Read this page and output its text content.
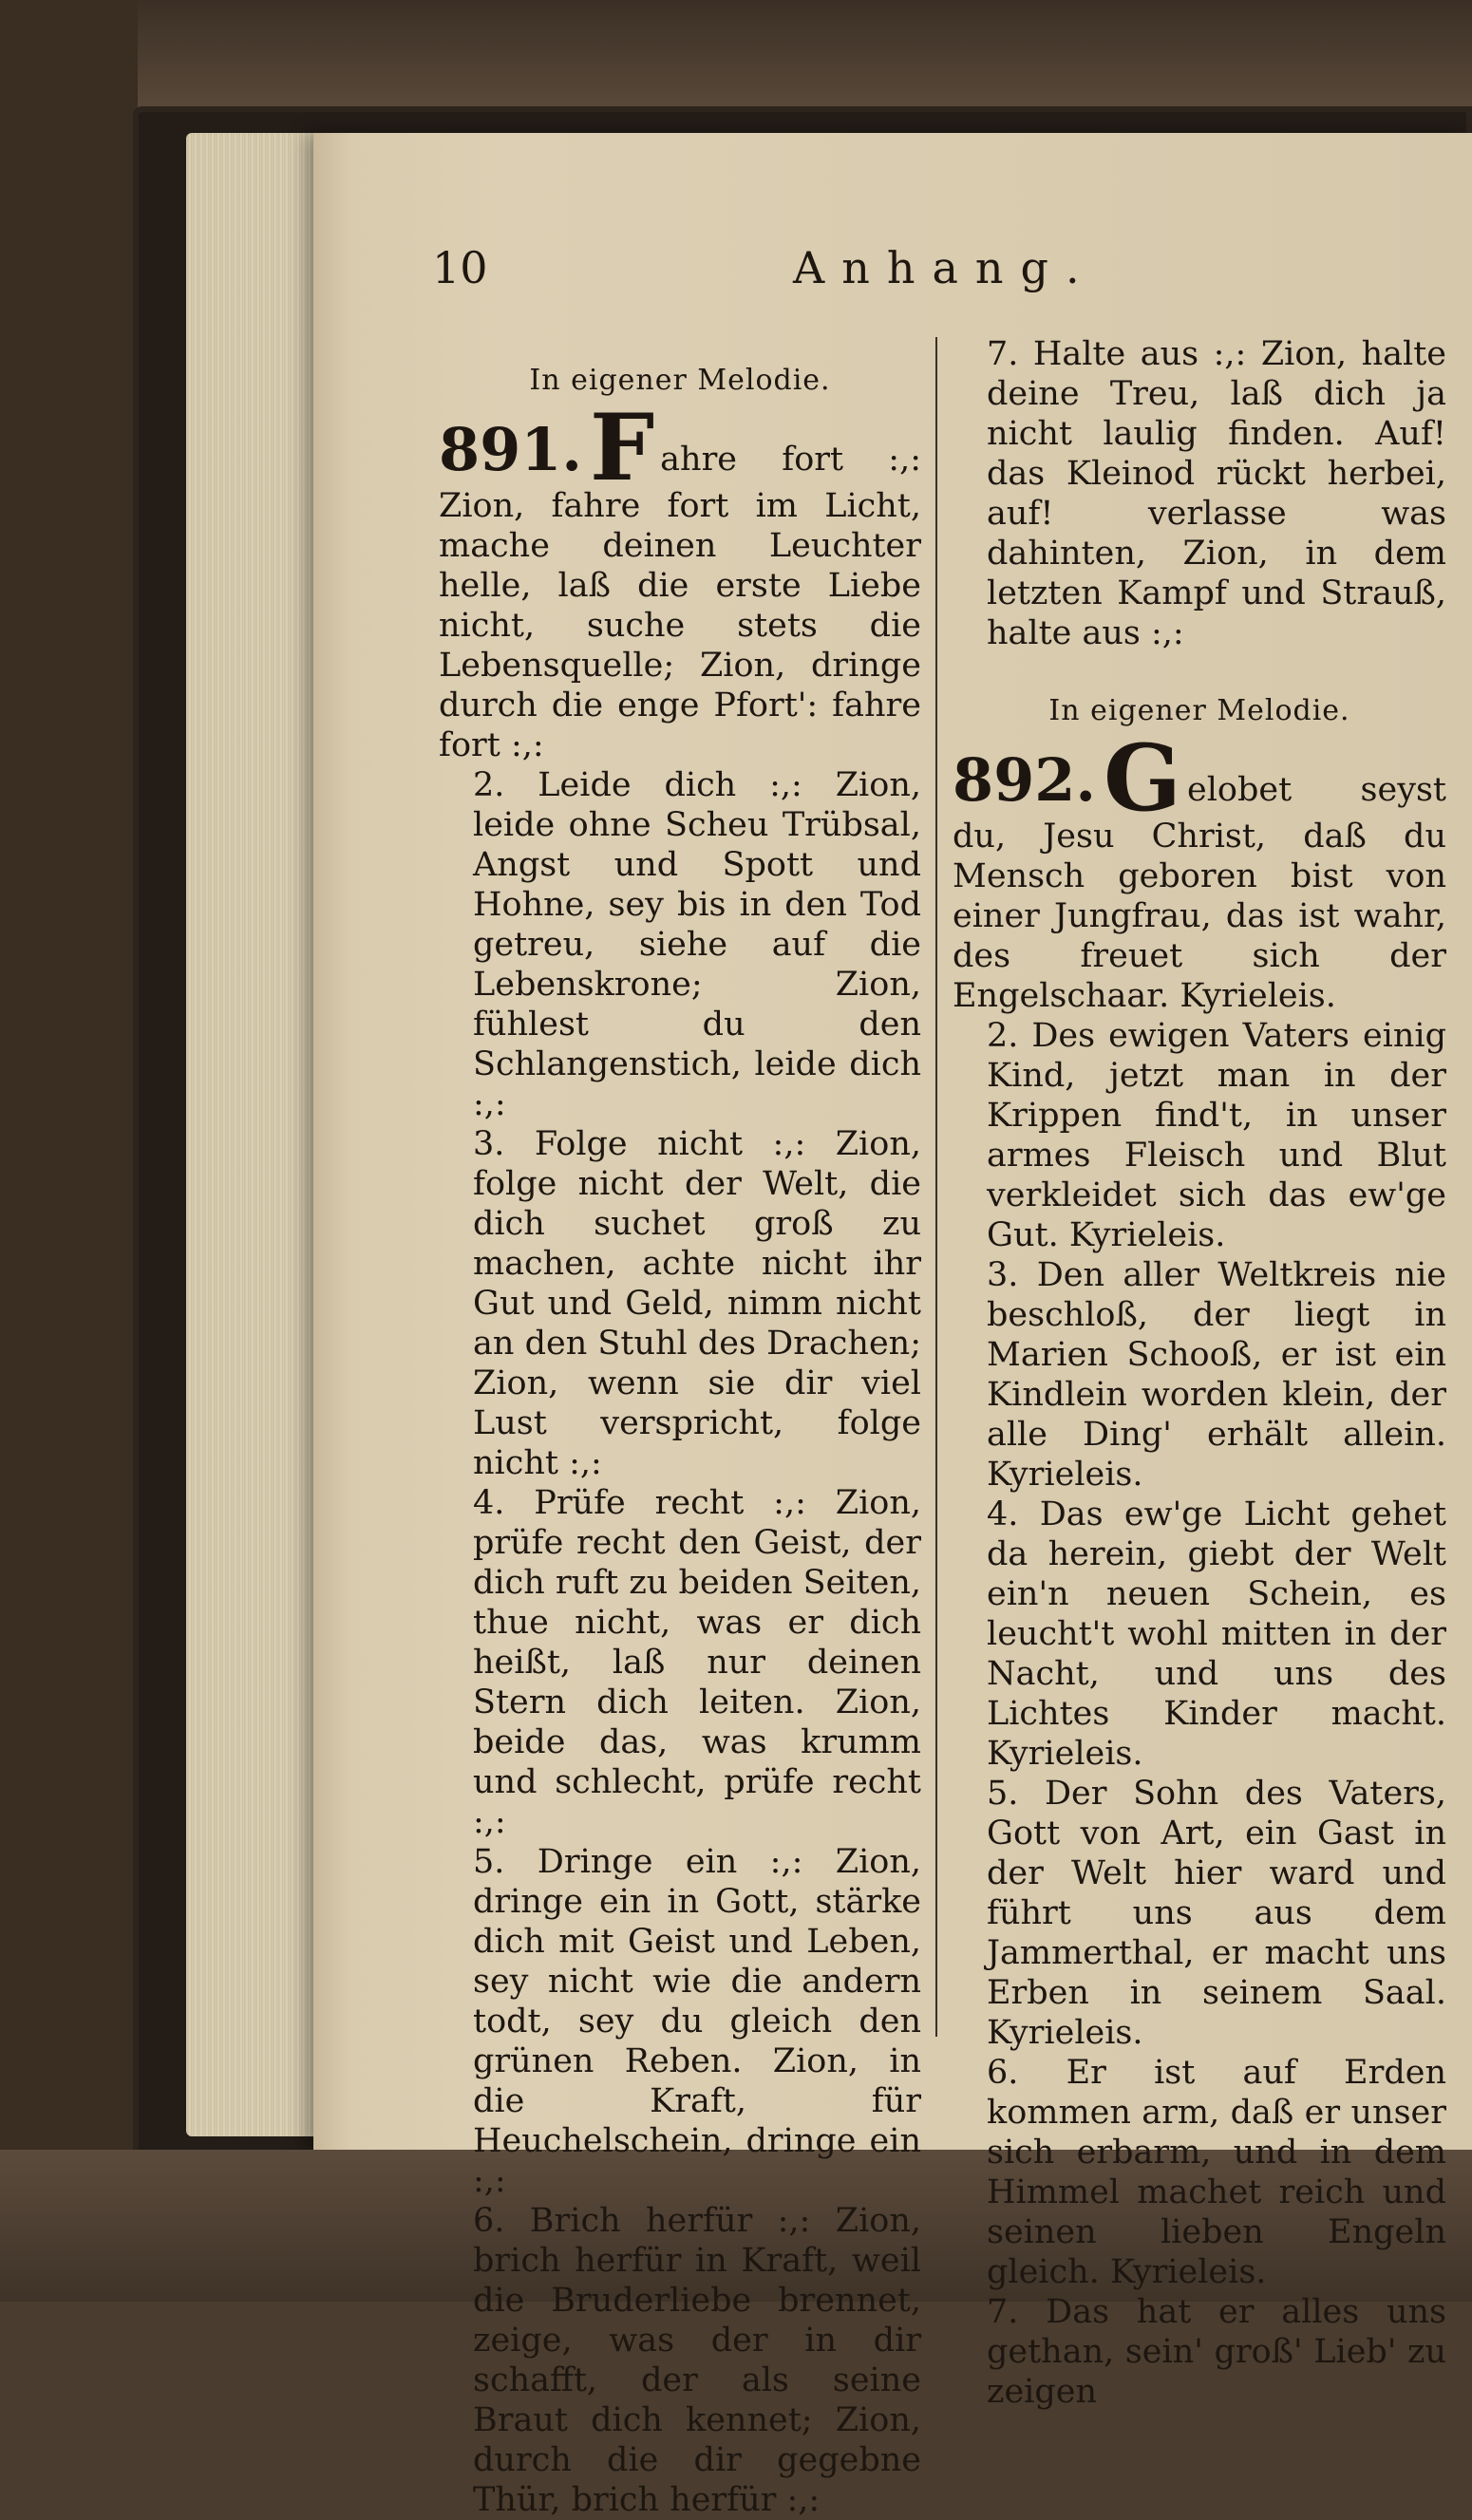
10	Anhang.

In eigener Melodie.

891.F ahre fort :,: Zion, fahre fort im Licht, mache deinen Leuchter helle, laß die erste Liebe nicht, suche stets die Lebensquelle; Zion, dringe durch die enge Pfort': fahre fort :,:

2. Leide dich :,: Zion, leide ohne Scheu Trübsal, Angst und Spott und Hohne, sey bis in den Tod getreu, siehe auf die Lebenskrone; Zion, fühlest du den Schlangenstich, leide dich :,:

3. Folge nicht :,: Zion, folge nicht der Welt, die dich suchet groß zu machen, achte nicht ihr Gut und Geld, nimm nicht an den Stuhl des Drachen; Zion, wenn sie dir viel Lust verspricht, folge nicht :,:

4. Prüfe recht :,: Zion, prüfe recht den Geist, der dich ruft zu beiden Seiten, thue nicht, was er dich heißt, laß nur deinen Stern dich leiten. Zion, beide das, was krumm und schlecht, prüfe recht :,:

5. Dringe ein :,: Zion, dringe ein in Gott, stärke dich mit Geist und Leben, sey nicht wie die andern todt, sey du gleich den grünen Reben. Zion, in die Kraft, für Heuchelschein, dringe ein :,:

6. Brich herfür :,: Zion, brich herfür in Kraft, weil die Bruderliebe brennet, zeige, was der in dir schafft, der als seine Braut dich kennet; Zion, durch die dir gegebne Thür, brich herfür :,:

7. Halte aus :,: Zion, halte deine Treu, laß dich ja nicht laulig finden. Auf! das Kleinod rückt herbei, auf! verlasse was dahinten, Zion, in dem letzten Kampf und Strauß, halte aus :,:

In eigener Melodie.

892.G elobet seyst du, Jesu Christ, daß du Mensch geboren bist von einer Jungfrau, das ist wahr, des freuet sich der Engelschaar. Kyrieleis.

2. Des ewigen Vaters einig Kind, jetzt man in der Krippen find't, in unser armes Fleisch und Blut verkleidet sich das ew'ge Gut. Kyrieleis.

3. Den aller Weltkreis nie beschloß, der liegt in Marien Schooß, er ist ein Kindlein worden klein, der alle Ding' erhält allein. Kyrieleis.

4. Das ew'ge Licht gehet da herein, giebt der Welt ein'n neuen Schein, es leucht't wohl mitten in der Nacht, und uns des Lichtes Kinder macht. Kyrieleis.

5. Der Sohn des Vaters, Gott von Art, ein Gast in der Welt hier ward und führt uns aus dem Jammerthal, er macht uns Erben in seinem Saal. Kyrieleis.

6. Er ist auf Erden kommen arm, daß er unser sich erbarm, und in dem Himmel machet reich und seinen lieben Engeln gleich. Kyrieleis.

7. Das hat er alles uns gethan, sein' groß' Lieb' zu zeigen
